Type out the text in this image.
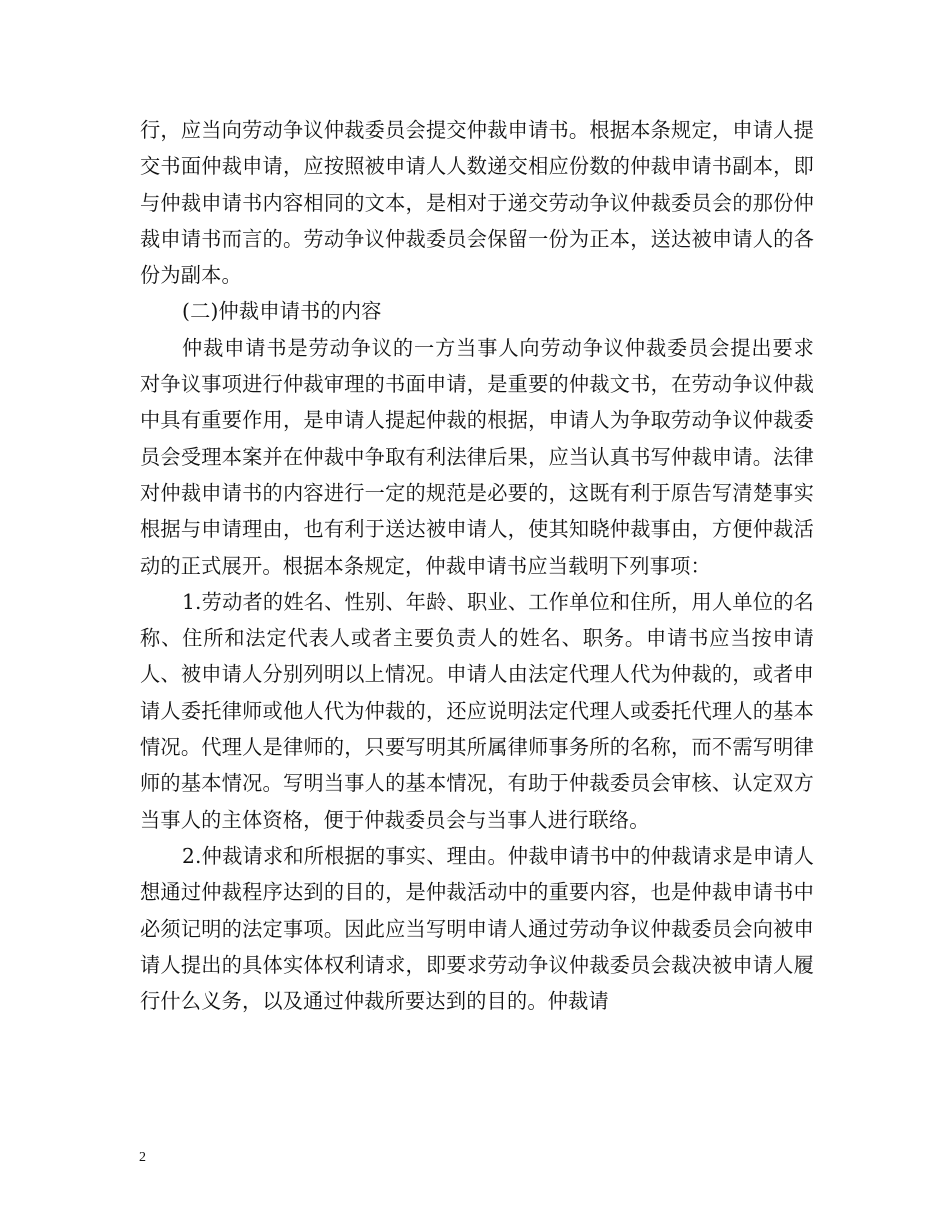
行，应当向劳动争议仲裁委员会提交仲裁申请书。根据本条规定，申请人提交书面仲裁申请，应按照被申请人人数递交相应份数的仲裁申请书副本，即与仲裁申请书内容相同的文本，是相对于递交劳动争议仲裁委员会的那份仲裁申请书而言的。劳动争议仲裁委员会保留一份为正本，送达被申请人的各份为副本。

(二)仲裁申请书的内容

仲裁申请书是劳动争议的一方当事人向劳动争议仲裁委员会提出要求对争议事项进行仲裁审理的书面申请，是重要的仲裁文书，在劳动争议仲裁中具有重要作用，是申请人提起仲裁的根据，申请人为争取劳动争议仲裁委员会受理本案并在仲裁中争取有利法律后果，应当认真书写仲裁申请。法律对仲裁申请书的内容进行一定的规范是必要的，这既有利于原告写清楚事实根据与申请理由，也有利于送达被申请人，使其知晓仲裁事由，方便仲裁活动的正式展开。根据本条规定，仲裁申请书应当载明下列事项：

1.劳动者的姓名、性别、年龄、职业、工作单位和住所，用人单位的名称、住所和法定代表人或者主要负责人的姓名、职务。申请书应当按申请人、被申请人分别列明以上情况。申请人由法定代理人代为仲裁的，或者申请人委托律师或他人代为仲裁的，还应说明法定代理人或委托代理人的基本情况。代理人是律师的，只要写明其所属律师事务所的名称，而不需写明律师的基本情况。写明当事人的基本情况，有助于仲裁委员会审核、认定双方当事人的主体资格，便于仲裁委员会与当事人进行联络。

2.仲裁请求和所根据的事实、理由。仲裁申请书中的仲裁请求是申请人想通过仲裁程序达到的目的，是仲裁活动中的重要内容，也是仲裁申请书中必须记明的法定事项。因此应当写明申请人通过劳动争议仲裁委员会向被申请人提出的具体实体权利请求，即要求劳动争议仲裁委员会裁决被申请人履行什么义务，以及通过仲裁所要达到的目的。仲裁请

2
